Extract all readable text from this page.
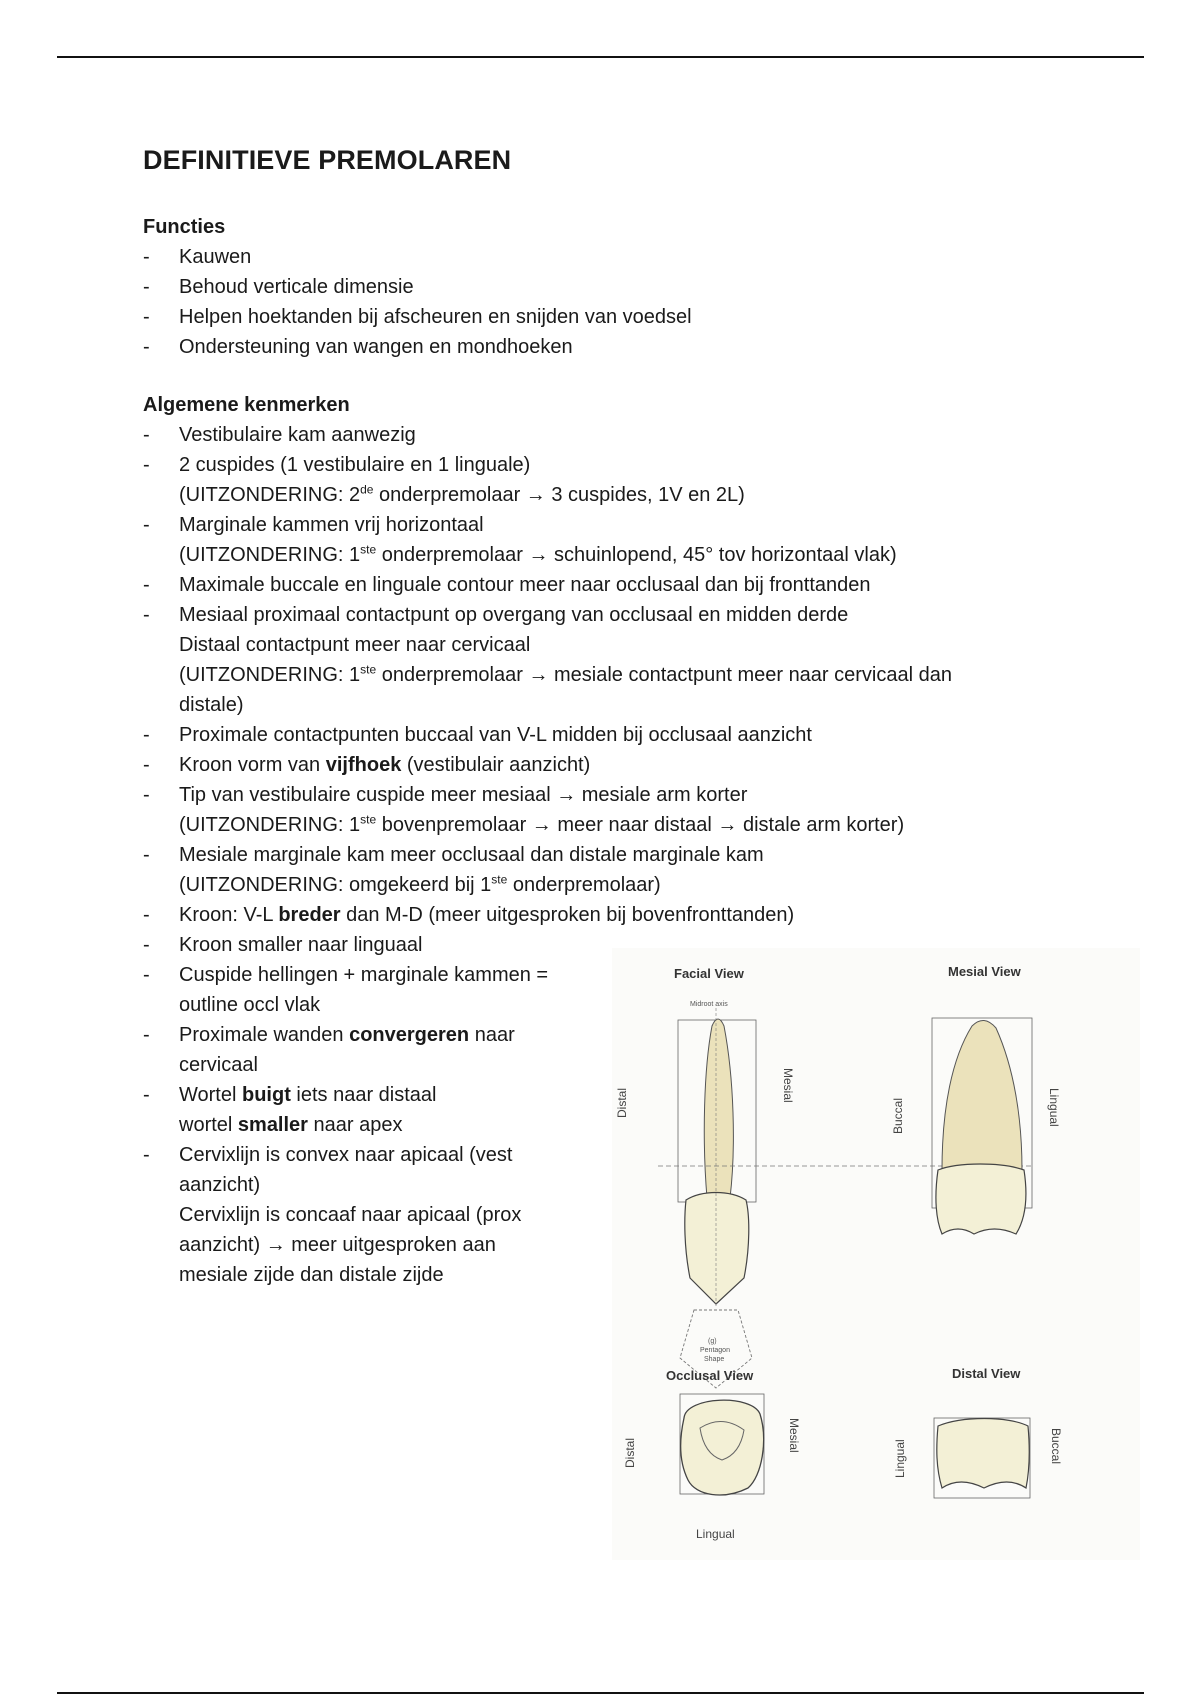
DEFINITIEVE PREMOLAREN
Functies
- Kauwen
- Behoud verticale dimensie
- Helpen hoektanden bij afscheuren en snijden van voedsel
- Ondersteuning van wangen en mondhoeken
Algemene kenmerken
- Vestibulaire kam aanwezig
- 2 cuspides (1 vestibulaire en 1 linguale)
(UITZONDERING: 2de onderpremolaar → 3 cuspides, 1V en 2L)
- Marginale kammen vrij horizontaal
(UITZONDERING: 1ste onderpremolaar → schuinlopend, 45° tov horizontaal vlak)
- Maximale buccale en linguale contour meer naar occlusaal dan bij fronttanden
- Mesiaal proximaal contactpunt op overgang van occlusaal en midden derde
Distaal contactpunt meer naar cervicaal
(UITZONDERING: 1ste onderpremolaar → mesiale contactpunt meer naar cervicaal dan
distale)
- Proximale contactpunten buccaal van V-L midden bij occlusaal aanzicht
- Kroon vorm van vijfhoek (vestibulair aanzicht)
- Tip van vestibulaire cuspide meer mesiaal → mesiale arm korter
(UITZONDERING: 1ste bovenpremolaar → meer naar distaal → distale arm korter)
- Mesiale marginale kam meer occlusaal dan distale marginale kam
(UITZONDERING: omgekeerd bij 1ste onderpremolaar)
- Kroon: V-L breder dan M-D (meer uitgesproken bij bovenfronttanden)
- Kroon smaller naar linguaal
- Cuspide hellingen + marginale kammen =
outline occl vlak
- Proximale wanden convergeren naar
cervicaal
- Wortel buigt iets naar distaal
wortel smaller naar apex
- Cervixlijn is convex naar apicaal (vest
aanzicht)
Cervixlijn is concaaf naar apicaal (prox
aanzicht) → meer uitgesproken aan
mesiale zijde dan distale zijde
Facial View
Midroot axis
Distal
Mesial
(g)
Pentagon
Shape
Mesial View
Buccal	Lingual
Occlusal View
Distal
Mesial
Lingual
Distal View
Lingual	Buccal
